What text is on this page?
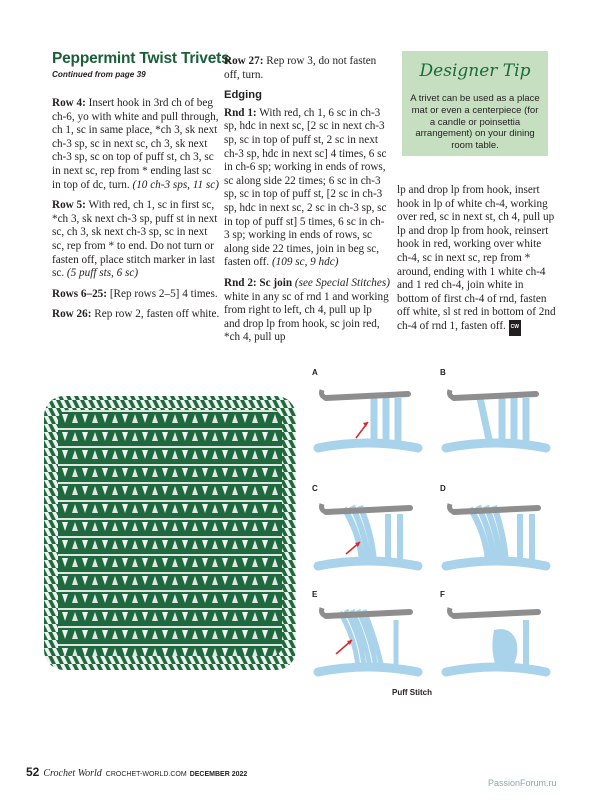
Peppermint Twist Trivets
Continued from page 39

Row 4: Insert hook in 3rd ch of beg ch-6, yo with white and pull through, ch 1, sc in same place, *ch 3, sk next ch-3 sp, sc in next sc, ch 3, sk next ch-3 sp, sc on top of puff st, ch 3, sc in next sc, rep from * ending last sc in top of dc, turn. (10 ch-3 sps, 11 sc)

Row 5: With red, ch 1, sc in first sc, *ch 3, sk next ch-3 sp, puff st in next sc, ch 3, sk next ch-3 sp, sc in next sc, rep from * to end. Do not turn or fasten off, place stitch marker in last sc. (5 puff sts, 6 sc)

Rows 6–25: [Rep rows 2–5] 4 times.

Row 26: Rep row 2, fasten off white.

Row 27: Rep row 3, do not fasten off, turn.

Edging

Rnd 1: With red, ch 1, 6 sc in ch-3 sp, hdc in next sc, [2 sc in next ch-3 sp, sc in top of puff st, 2 sc in next ch-3 sp, hdc in next sc] 4 times, 6 sc in ch-6 sp; working in ends of rows, sc along side 22 times; 6 sc in ch-3 sp, sc in top of puff st, [2 sc in ch-3 sp, hdc in next sc, 2 sc in ch-3 sp, sc in top of puff st] 5 times, 6 sc in ch-3 sp; working in ends of rows, sc along side 22 times, join in beg sc, fasten off. (109 sc, 9 hdc)

Rnd 2: Sc join (see Special Stitches) white in any sc of rnd 1 and working from right to left, ch 4, pull up lp and drop lp from hook, sc join red, *ch 4, pull up

lp and drop lp from hook, insert hook in lp of white ch-4, working over red, sc in next st, ch 4, pull up lp and drop lp from hook, reinsert hook in red, working over white ch-4, sc in next sc, rep from * around, ending with 1 white ch-4 and 1 red ch-4, join white in bottom of first ch-4 of rnd, fasten off white, sl st red in bottom of 2nd ch-4 of rnd 1, fasten off. CW

Designer Tip
A trivet can be used as a place mat or even a centerpiece (for a candle or poinsettia arrangement) on your dining room table.
A	B
C	D
E	F
Puff Stitch
52 Crochet World CROCHET-WORLD.COM DECEMBER 2022
PassionForum.ru
